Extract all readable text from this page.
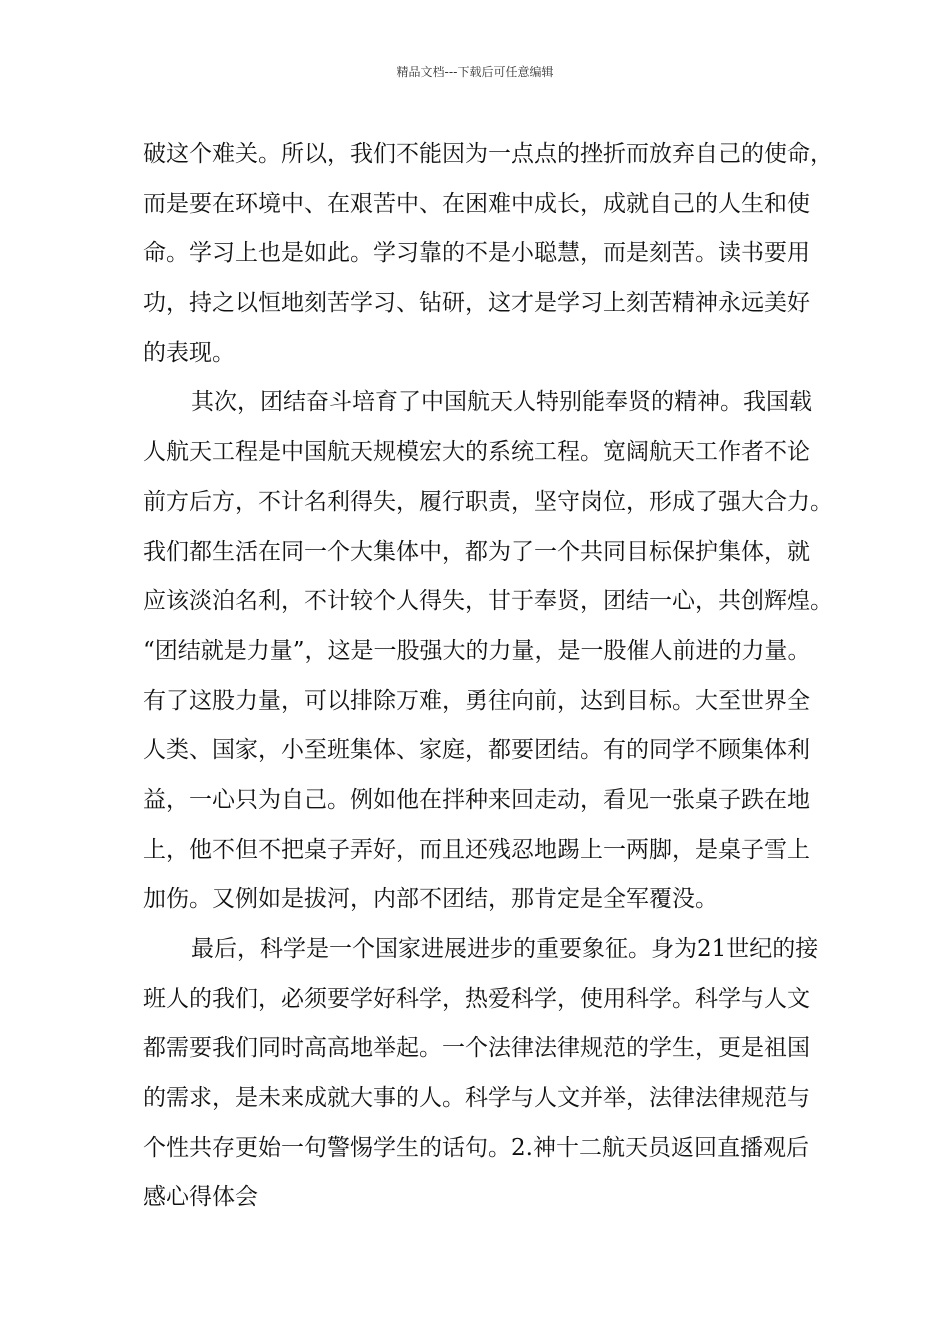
精品文档---下载后可任意编辑
破这个难关。所以，我们不能因为一点点的挫折而放弃自己的使命，
而是要在环境中、在艰苦中、在困难中成长，成就自己的人生和使
命。学习上也是如此。学习靠的不是小聪慧，而是刻苦。读书要用
功，持之以恒地刻苦学习、钻研，这才是学习上刻苦精神永远美好
的表现。
其次，团结奋斗培育了中国航天人特别能奉贤的精神。我国载
人航天工程是中国航天规模宏大的系统工程。宽阔航天工作者不论
前方后方，不计名利得失，履行职责，坚守岗位，形成了强大合力。
我们都生活在同一个大集体中，都为了一个共同目标保护集体，就
应该淡泊名利，不计较个人得失，甘于奉贤，团结一心，共创辉煌。
“团结就是力量”，这是一股强大的力量，是一股催人前进的力量。
有了这股力量，可以排除万难，勇往向前，达到目标。大至世界全
人类、国家，小至班集体、家庭，都要团结。有的同学不顾集体利
益，一心只为自己。例如他在拌种来回走动，看见一张桌子跌在地
上，他不但不把桌子弄好，而且还残忍地踢上一两脚，是桌子雪上
加伤。又例如是拔河，内部不团结，那肯定是全军覆没。
最后，科学是一个国家进展进步的重要象征。身为21世纪的接
班人的我们，必须要学好科学，热爱科学，使用科学。科学与人文
都需要我们同时高高地举起。一个法律法律规范的学生，更是祖国
的需求，是未来成就大事的人。科学与人文并举，法律法律规范与
个性共存更始一句警惕学生的话句。2.神十二航天员返回直播观后
感心得体会
